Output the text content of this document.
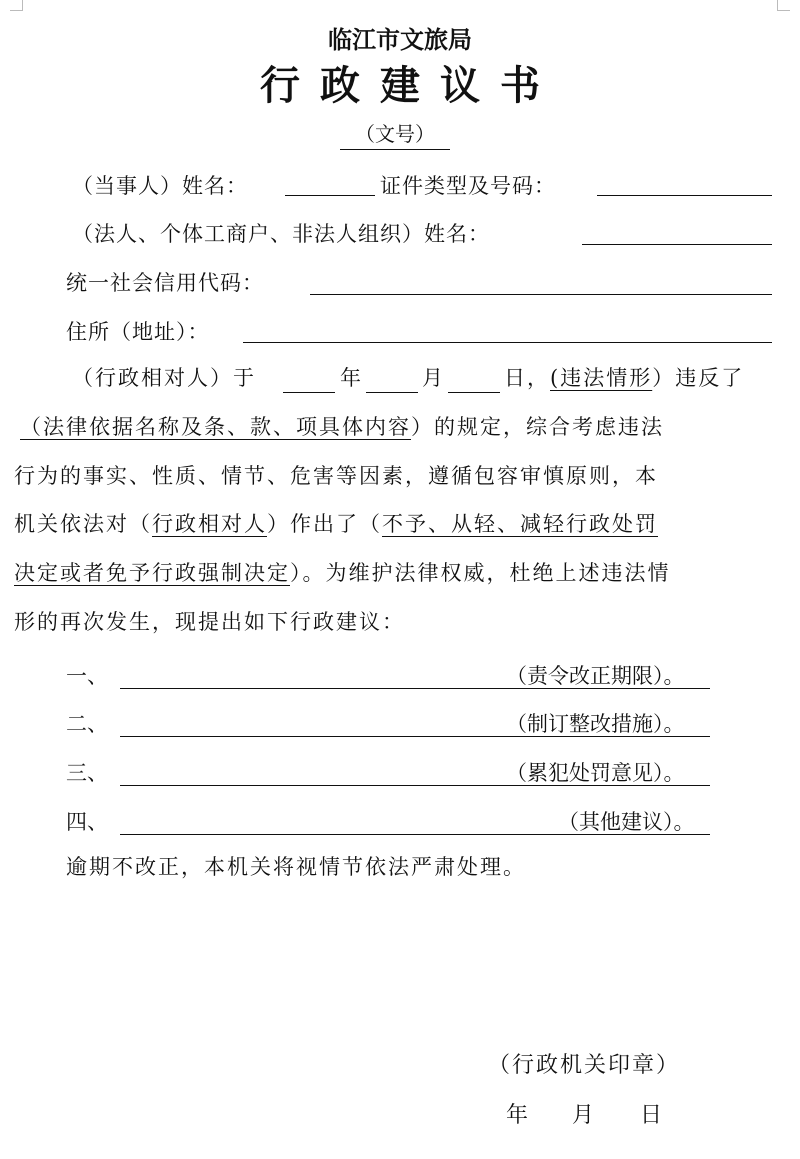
临江市文旅局
行政建议书
（文号）
（当事人）姓名：	证件类型及号码：
（法人、个体工商户、非法人组织）姓名：
统一社会信用代码：
住所（地址）：
（行政相对人）于	年	月	日，(违法情形）违反了
（法律依据名称及条、款、项具体内容）的规定，综合考虑违法
行为的事实、性质、情节、危害等因素，遵循包容审慎原则，本
机关依法对（行政相对人）作出了（不予、从轻、减轻行政处罚
决定或者免予行政强制决定）。为维护法律权威，杜绝上述违法情
形的再次发生，现提出如下行政建议：
一、	（责令改正期限）。
二、	（制订整改措施）。
三、	（累犯处罚意见）。
四、	（其他建议）。
逾期不改正，本机关将视情节依法严肃处理。
（行政机关印章）
年 月 日
